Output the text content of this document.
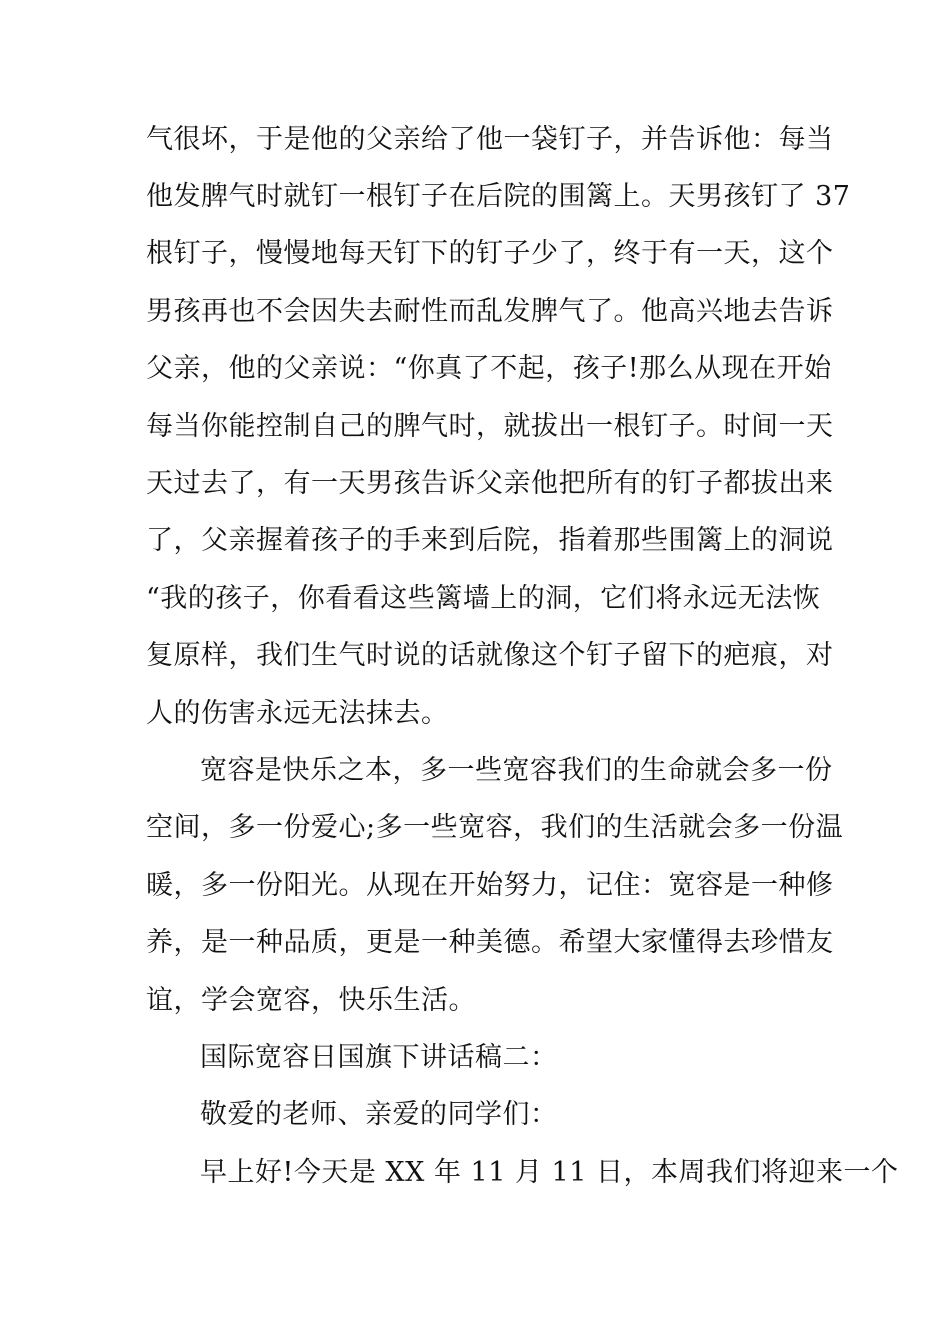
气很坏，于是他的父亲给了他一袋钉子，并告诉他：每当
他发脾气时就钉一根钉子在后院的围篱上。天男孩钉了 37
根钉子，慢慢地每天钉下的钉子少了，终于有一天，这个
男孩再也不会因失去耐性而乱发脾气了。他高兴地去告诉
父亲，他的父亲说：“你真了不起，孩子!那么从现在开始
每当你能控制自己的脾气时，就拔出一根钉子。时间一天
天过去了，有一天男孩告诉父亲他把所有的钉子都拔出来
了，父亲握着孩子的手来到后院，指着那些围篱上的洞说
“我的孩子，你看看这些篱墙上的洞，它们将永远无法恢
复原样，我们生气时说的话就像这个钉子留下的疤痕，对
人的伤害永远无法抹去。
宽容是快乐之本，多一些宽容我们的生命就会多一份
空间，多一份爱心;多一些宽容，我们的生活就会多一份温
暖，多一份阳光。从现在开始努力，记住：宽容是一种修
养，是一种品质，更是一种美德。希望大家懂得去珍惜友
谊，学会宽容，快乐生活。
国际宽容日国旗下讲话稿二：
敬爱的老师、亲爱的同学们：
早上好!今天是 XX 年 11 月 11 日，本周我们将迎来一个
